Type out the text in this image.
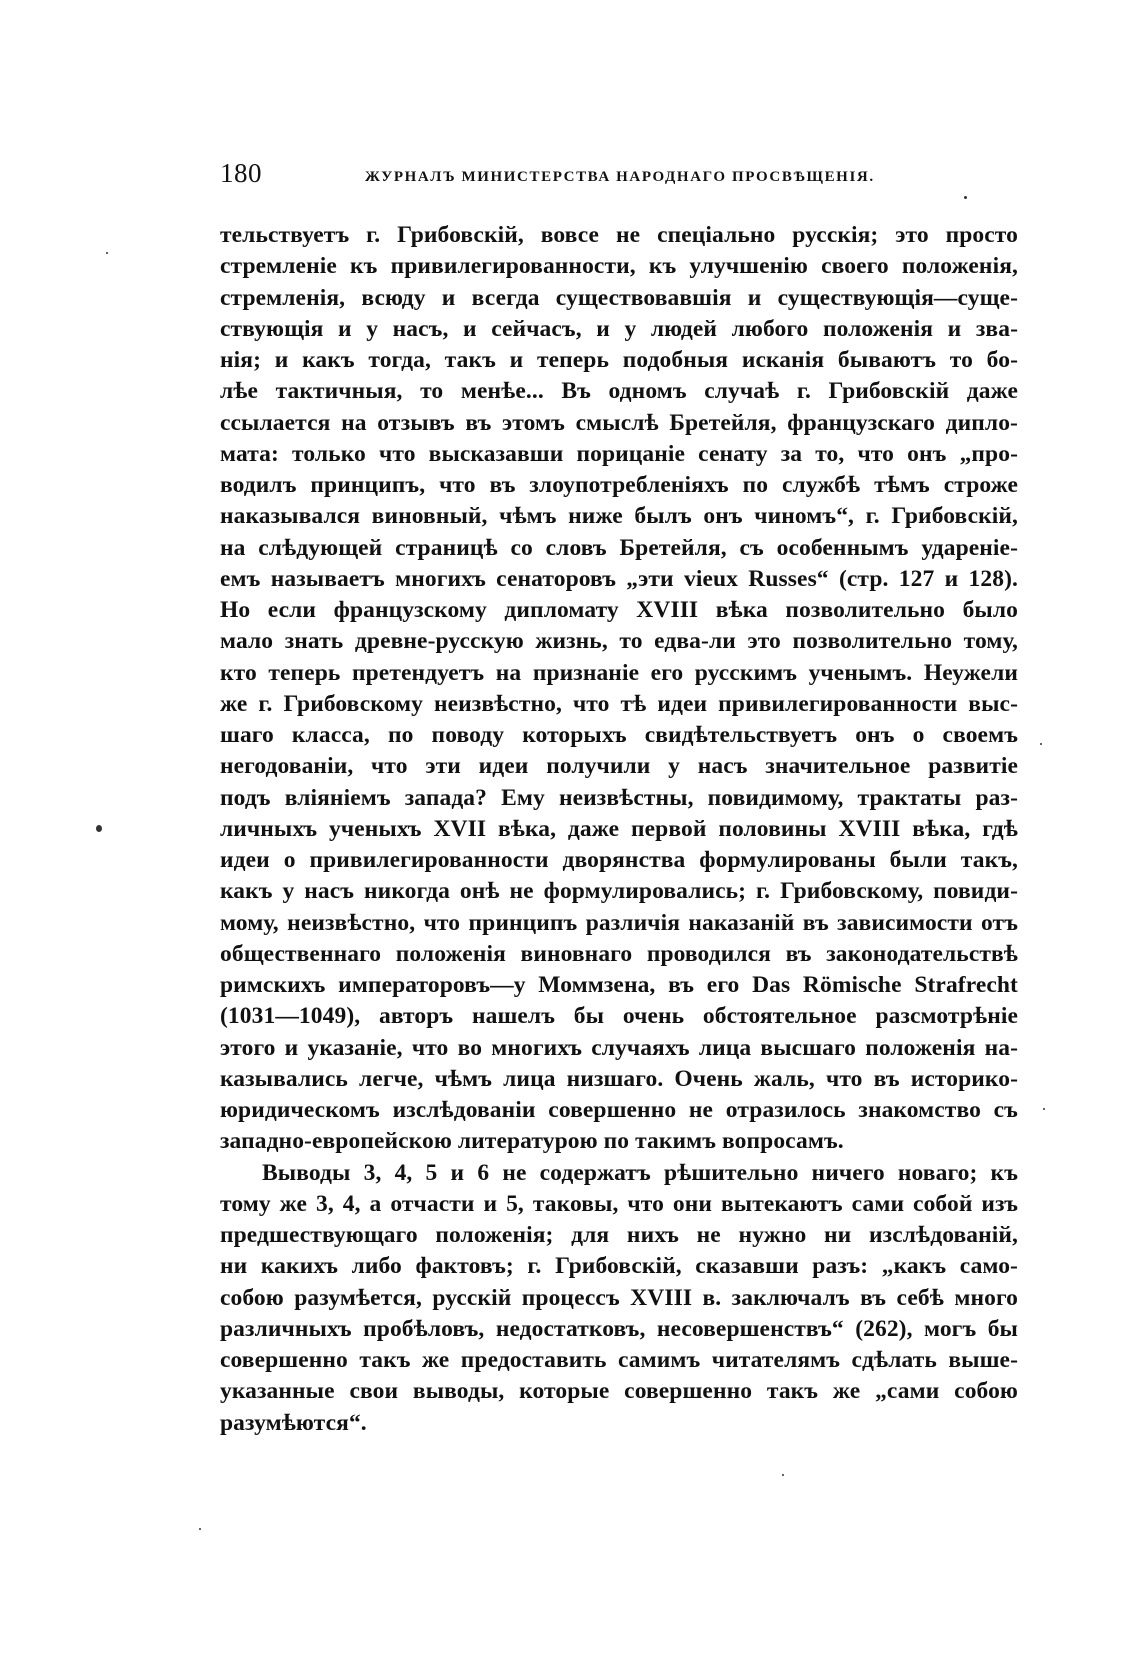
180	ЖУРНАЛЪ МИНИСТЕРСТВА НАРОДНАГО ПРОСВѢЩЕНІЯ.
тельствуетъ г. Грибовскій, вовсе не спеціально русскія; это просто
стремленіе къ привилегированности, къ улучшенію своего положенія,
стремленія, всюду и всегда существовавшія и существующія—суще-
ствующія и у насъ, и сейчасъ, и у людей любого положенія и зва-
нія; и какъ тогда, такъ и теперь подобныя исканія бываютъ то бо-
лѣе тактичныя, то менѣе... Въ одномъ случаѣ г. Грибовскій даже
ссылается на отзывъ въ этомъ смыслѣ Бретейля, французскаго дипло-
мата: только что высказавши порицаніе сенату за то, что онъ „про-
водилъ принципъ, что въ злоупотребленіяхъ по службѣ тѣмъ строже
наказывался виновный, чѣмъ ниже былъ онъ чиномъ“, г. Грибовскій,
на слѣдующей страницѣ со словъ Бретейля, съ особеннымъ удареніе-
емъ называетъ многихъ сенаторовъ „эти vieux Russes“ (стр. 127 и 128).
Но если французскому дипломату XVIII вѣка позволительно было
мало знать древне-русскую жизнь, то едва-ли это позволительно тому,
кто теперь претендуетъ на признаніе его русскимъ ученымъ. Неужели
же г. Грибовскому неизвѣстно, что тѣ идеи привилегированности выс-
шаго класса, по поводу которыхъ свидѣтельствуетъ онъ о своемъ
негодованіи, что эти идеи получили у насъ значительное развитіе
подъ вліяніемъ запада? Ему неизвѣстны, повидимому, трактаты раз-
личныхъ ученыхъ XVII вѣка, даже первой половины XVIII вѣка, гдѣ
идеи о привилегированности дворянства формулированы были такъ,
какъ у насъ никогда онѣ не формулировались; г. Грибовскому, повиди-
мому, неизвѣстно, что принципъ различія наказаній въ зависимости отъ
общественнаго положенія виновнаго проводился въ законодательствѣ
римскихъ императоровъ—у Моммзена, въ его Das Römische Strafrecht
(1031—1049), авторъ нашелъ бы очень обстоятельное разсмотрѣніе
этого и указаніе, что во многихъ случаяхъ лица высшаго положенія на-
казывались легче, чѣмъ лица низшаго. Очень жаль, что въ историко-
юридическомъ изслѣдованіи совершенно не отразилось знакомство съ
западно-европейскою литературою по такимъ вопросамъ.
Выводы 3, 4, 5 и 6 не содержатъ рѣшительно ничего новаго; къ
тому же 3, 4, а отчасти и 5, таковы, что они вытекаютъ сами собой изъ
предшествующаго положенія; для нихъ не нужно ни изслѣдованій,
ни какихъ либо фактовъ; г. Грибовскій, сказавши разъ: „какъ само-
собою разумѣется, русскій процессъ XVIII в. заключалъ въ себѣ много
различныхъ пробѣловъ, недостатковъ, несовершенствъ“ (262), могъ бы
совершенно такъ же предоставить самимъ читателямъ сдѣлать выше-
указанные свои выводы, которые совершенно такъ же „сами собою
разумѣются“.
